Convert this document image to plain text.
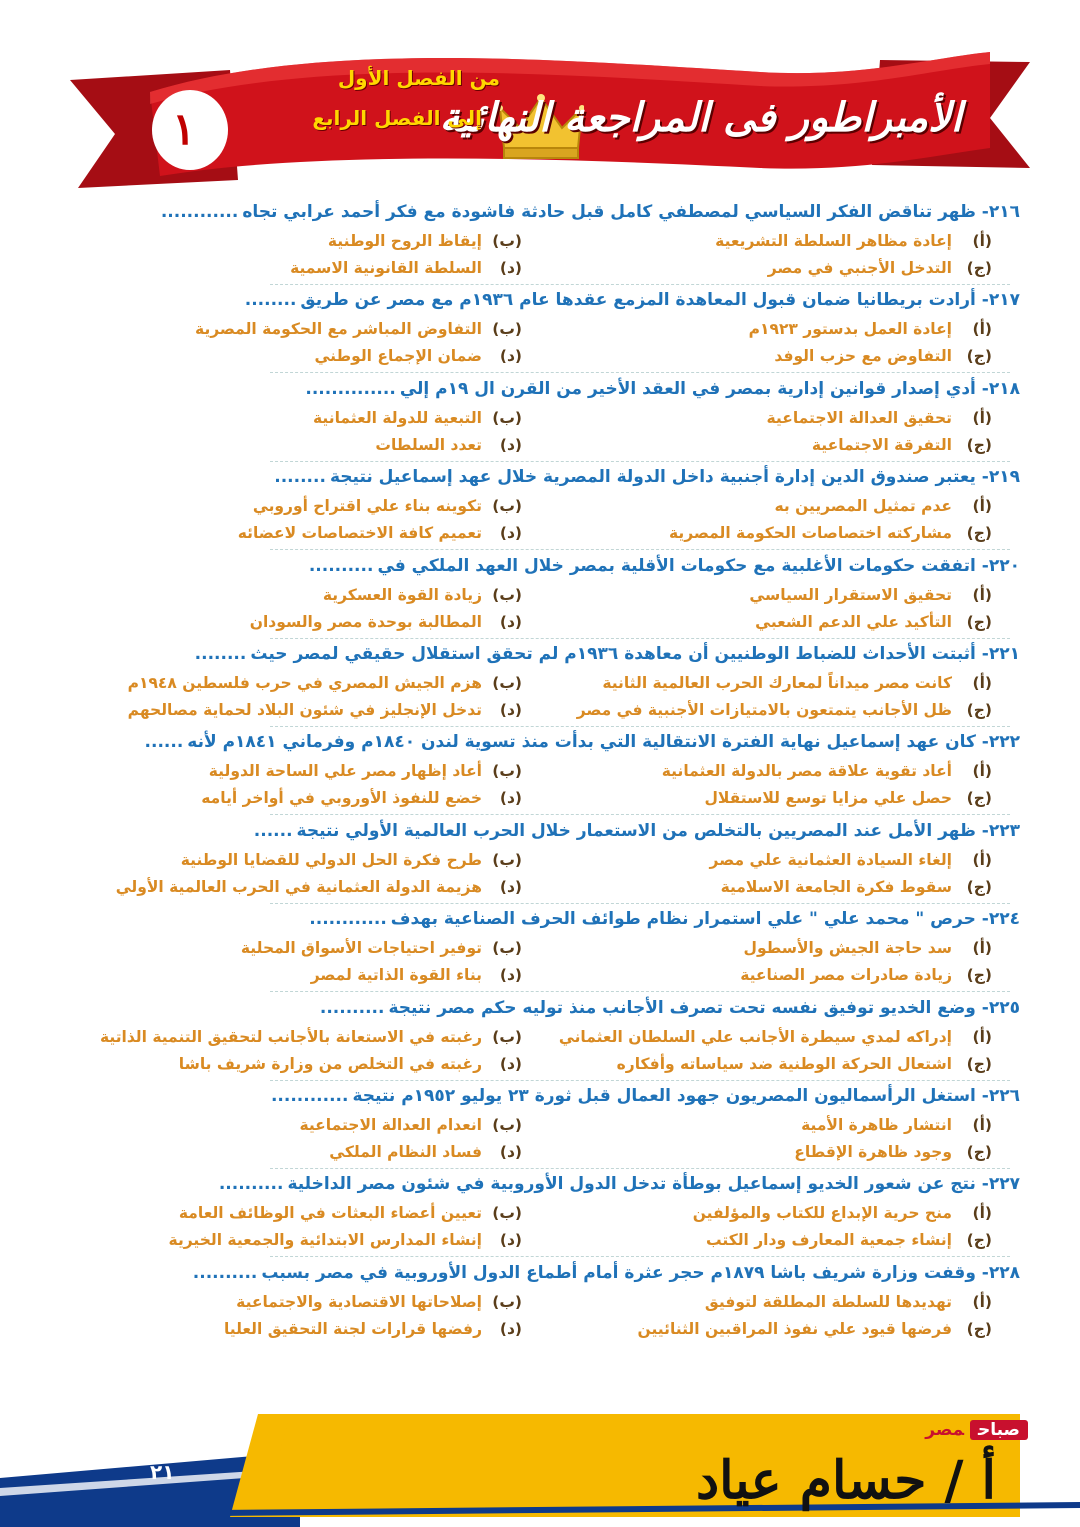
الأمبراطور فى المراجعة النهائية
من الفصل الأول
إلى الفصل الرابع
١
٢١٦- ظهر تناقض الفكر السياسي لمصطفي كامل قبل حادثة فاشودة مع فكر أحمد عرابي تجاه............
(أ)إعادة مظاهر السلطة التشريعية
(ب)إيقاظ الروح الوطنية
(ج)التدخل الأجنبي في مصر
(د)السلطة القانونية الاسمية
٢١٧- أرادت بريطانيا ضمان قبول المعاهدة المزمع عقدها عام ١٩٣٦م مع مصر عن طريق........
(أ)إعادة العمل بدستور ١٩٢٣م
(ب)التفاوض المباشر مع الحكومة المصرية
(ج)التفاوض مع حزب الوفد
(د)ضمان الإجماع الوطني
٢١٨- أدي إصدار قوانين إدارية بمصر في العقد الأخير من القرن ال ١٩م إلي..............
(أ)تحقيق العدالة الاجتماعية
(ب)التبعية للدولة العثمانية
(ج)التفرقة الاجتماعية
(د)تعدد السلطات
٢١٩- يعتبر صندوق الدين إدارة أجنبية داخل الدولة المصرية خلال عهد إسماعيل نتيجة........
(أ)عدم تمثيل المصريين به
(ب)تكوينه بناء علي اقتراح أوروبي
(ج)مشاركته اختصاصات الحكومة المصرية
(د)تعميم كافة الاختصاصات لاعضائه
٢٢٠- اتفقت حكومات الأغلبية مع حكومات الأقلية بمصر خلال العهد الملكي في..........
(أ)تحقيق الاستقرار السياسي
(ب)زيادة القوة العسكرية
(ج)التأكيد علي الدعم الشعبي
(د)المطالبة بوحدة مصر والسودان
٢٢١- أثبتت الأحداث للضباط الوطنيين أن معاهدة ١٩٣٦م لم تحقق استقلال حقيقي لمصر حيث........
(أ)كانت مصر ميداناً لمعارك الحرب العالمية الثانية
(ب)هزم الجيش المصري في حرب فلسطين ١٩٤٨م
(ج)ظل الأجانب يتمتعون بالامتيازات الأجنبية في مصر
(د)تدخل الإنجليز في شئون البلاد لحماية مصالحهم
٢٢٢- كان عهد إسماعيل نهاية الفترة الانتقالية التي بدأت منذ تسوية لندن ١٨٤٠م وفرماني ١٨٤١م لأنه......
(أ)أعاد تقوية علاقة مصر بالدولة العثمانية
(ب)أعاد إظهار مصر علي الساحة الدولية
(ج)حصل علي مزايا توسع للاستقلال
(د)خضع للنفوذ الأوروبي في أواخر أيامه
٢٢٣- ظهر الأمل عند المصريين بالتخلص من الاستعمار خلال الحرب العالمية الأولي نتيجة......
(أ)إلغاء السيادة العثمانية علي مصر
(ب)طرح فكرة الحل الدولي للقضايا الوطنية
(ج)سقوط فكرة الجامعة الاسلامية
(د)هزيمة الدولة العثمانية في الحرب العالمية الأولي
٢٢٤- حرص " محمد علي " علي استمرار نظام طوائف الحرف الصناعية بهدف............
(أ)سد حاجة الجيش والأسطول
(ب)توفير احتياجات الأسواق المحلية
(ج)زيادة صادرات مصر الصناعية
(د)بناء القوة الذاتية لمصر
٢٢٥- وضع الخديو توفيق نفسه تحت تصرف الأجانب منذ توليه حكم مصر نتيجة..........
(أ)إدراكه لمدي سيطرة الأجانب علي السلطان العثماني
(ب)رغبته في الاستعانة بالأجانب لتحقيق التنمية الذاتية
(ج)اشتعال الحركة الوطنية ضد سياساته وأفكاره
(د)رغبته في التخلص من وزارة شريف باشا
٢٢٦- استغل الرأسماليون المصريون جهود العمال قبل ثورة ٢٣ يوليو ١٩٥٢م نتيجة............
(أ)انتشار ظاهرة الأمية
(ب)انعدام العدالة الاجتماعية
(ج)وجود ظاهرة الإقطاع
(د)فساد النظام الملكي
٢٢٧- نتج عن شعور الخديو إسماعيل بوطأة تدخل الدول الأوروبية في شئون مصر الداخلية..........
(أ)منح حرية الإبداع للكتاب والمؤلفين
(ب)تعيين أعضاء البعثات في الوظائف العامة
(ج)إنشاء جمعية المعارف ودار الكتب
(د)إنشاء المدارس الابتدائية والجمعية الخيرية
٢٢٨- وقفت وزارة شريف باشا ١٨٧٩م حجر عثرة أمام أطماع الدول الأوروبية في مصر بسبب..........
(أ)تهديدها للسلطة المطلقة لتوفيق
(ب)إصلاحاتها الاقتصادية والاجتماعية
(ج)فرضها قيود علي نفوذ المراقبين الثنائيين
(د)رفضها قرارات لجنة التحقيق العليا
صباحمصر
أ / حسام عياد
٢١
